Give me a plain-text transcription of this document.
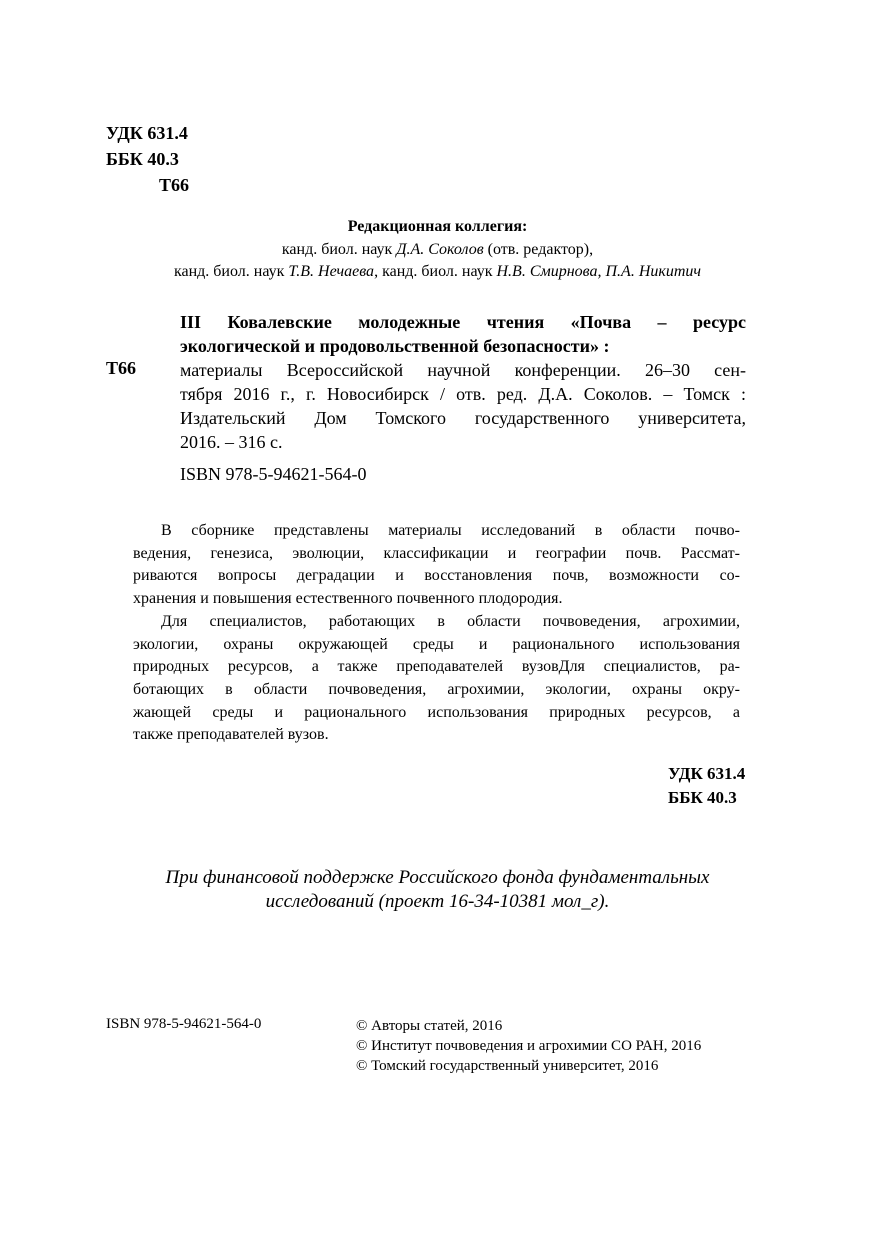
УДК 631.4
ББК 40.3
Т66
Редакционная коллегия:
канд. биол. наук Д.А. Соколов (отв. редактор),
канд. биол. наук Т.В. Нечаева, канд. биол. наук Н.В. Смирнова, П.А. Никитич
Т66
III Ковалевские молодежные чтения «Почва – ресурс
экологической и продовольственной безопасности» :
материалы Всероссийской научной конференции. 26–30 сен-
тября 2016 г., г. Новосибирск / отв. ред. Д.А. Соколов. – Томск :
Издательский Дом Томского государственного университета,
2016. – 316 с.
ISBN 978-5-94621-564-0
В сборнике представлены материалы исследований в области почво-
ведения, генезиса, эволюции, классификации и географии почв. Рассмат-
риваются вопросы деградации и восстановления почв, возможности со-
хранения и повышения естественного почвенного плодородия.
Для специалистов, работающих в области почвоведения, агрохимии,
экологии, охраны окружающей среды и рационального использования
природных ресурсов, а также преподавателей вузовДля специалистов, ра-
ботающих в области почвоведения, агрохимии, экологии, охраны окру-
жающей среды и рационального использования природных ресурсов, а
также преподавателей вузов.
УДК 631.4
ББК 40.3
При финансовой поддержке Российского фонда фундаментальных
исследований (проект 16-34-10381 мол_г).
ISBN 978-5-94621-564-0	© Авторы статей, 2016
© Институт почвоведения и агрохимии СО РАН, 2016
© Томский государственный университет, 2016
